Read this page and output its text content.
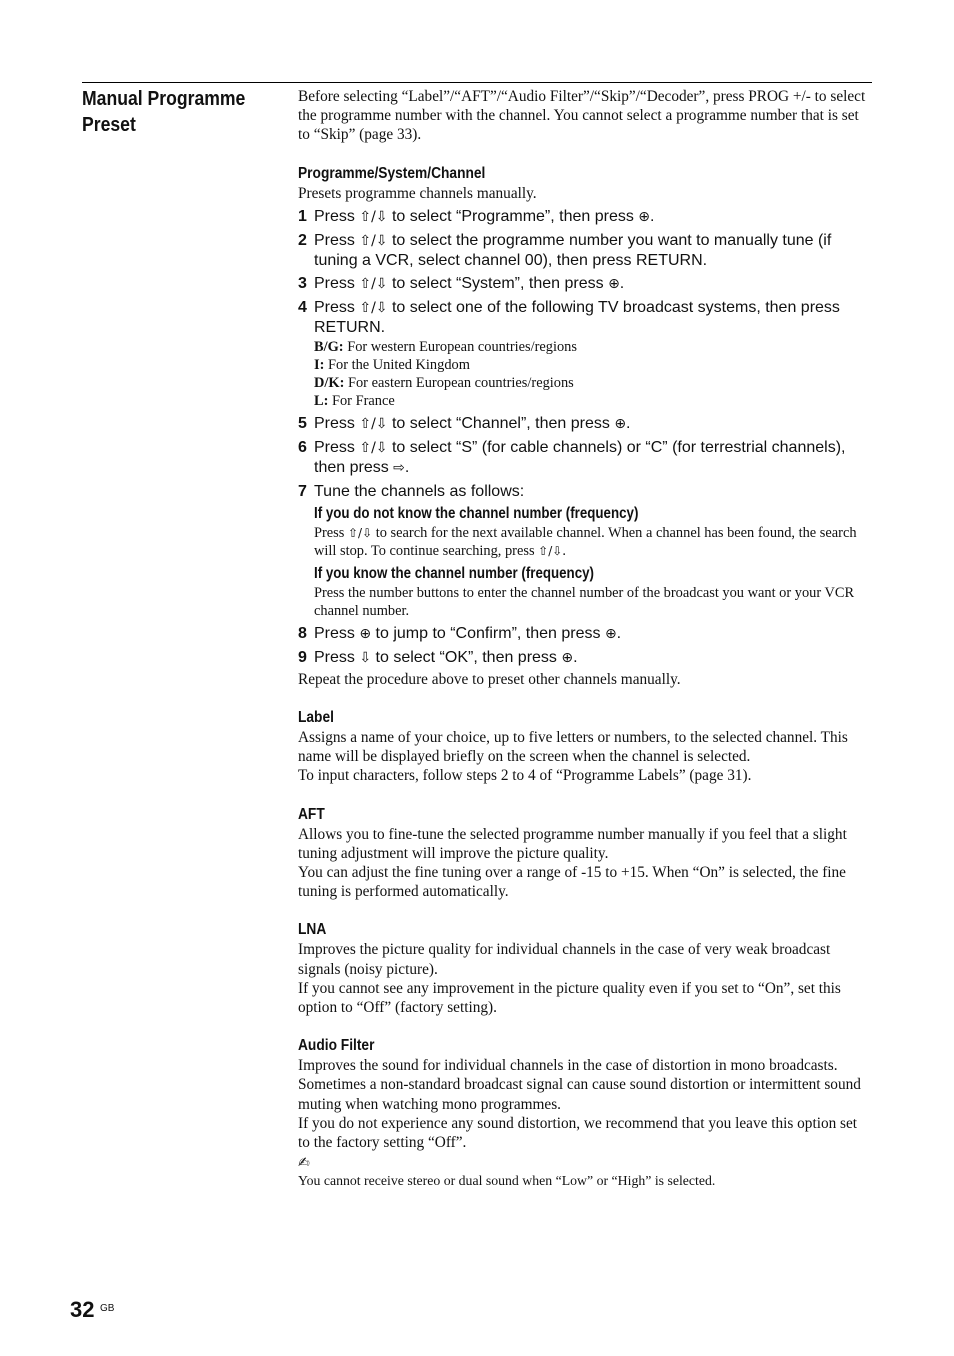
Manual Programme Preset
Before selecting “Label”/“AFT”/“Audio Filter”/“Skip”/“Decoder”, press PROG +/- to select the programme number with the channel. You cannot select a programme number that is set to “Skip” (page 33).
Programme/System/Channel
Presets programme channels manually.
1 Press ⇧/⇩ to select “Programme”, then press ⊕.
2 Press ⇧/⇩ to select the programme number you want to manually tune (if tuning a VCR, select channel 00), then press RETURN.
3 Press ⇧/⇩ to select “System”, then press ⊕.
4 Press ⇧/⇩ to select one of the following TV broadcast systems, then press RETURN.
B/G: For western European countries/regions
I: For the United Kingdom
D/K: For eastern European countries/regions
L: For France
5 Press ⇧/⇩ to select “Channel”, then press ⊕.
6 Press ⇧/⇩ to select “S” (for cable channels) or “C” (for terrestrial channels), then press ⇨.
7 Tune the channels as follows:
If you do not know the channel number (frequency)
Press ⇧/⇩ to search for the next available channel. When a channel has been found, the search will stop. To continue searching, press ⇧/⇩.
If you know the channel number (frequency)
Press the number buttons to enter the channel number of the broadcast you want or your VCR channel number.
8 Press ⊕ to jump to “Confirm”, then press ⊕.
9 Press ⇩ to select “OK”, then press ⊕.
Repeat the procedure above to preset other channels manually.
Label
Assigns a name of your choice, up to five letters or numbers, to the selected channel. This name will be displayed briefly on the screen when the channel is selected.
To input characters, follow steps 2 to 4 of “Programme Labels” (page 31).
AFT
Allows you to fine-tune the selected programme number manually if you feel that a slight tuning adjustment will improve the picture quality.
You can adjust the fine tuning over a range of -15 to +15. When “On” is selected, the fine tuning is performed automatically.
LNA
Improves the picture quality for individual channels in the case of very weak broadcast signals (noisy picture).
If you cannot see any improvement in the picture quality even if you set to “On”, set this option to “Off” (factory setting).
Audio Filter
Improves the sound for individual channels in the case of distortion in mono broadcasts. Sometimes a non-standard broadcast signal can cause sound distortion or intermittent sound muting when watching mono programmes.
If you do not experience any sound distortion, we recommend that you leave this option set to the factory setting “Off”.
✍
You cannot receive stereo or dual sound when “Low” or “High” is selected.
32 GB
